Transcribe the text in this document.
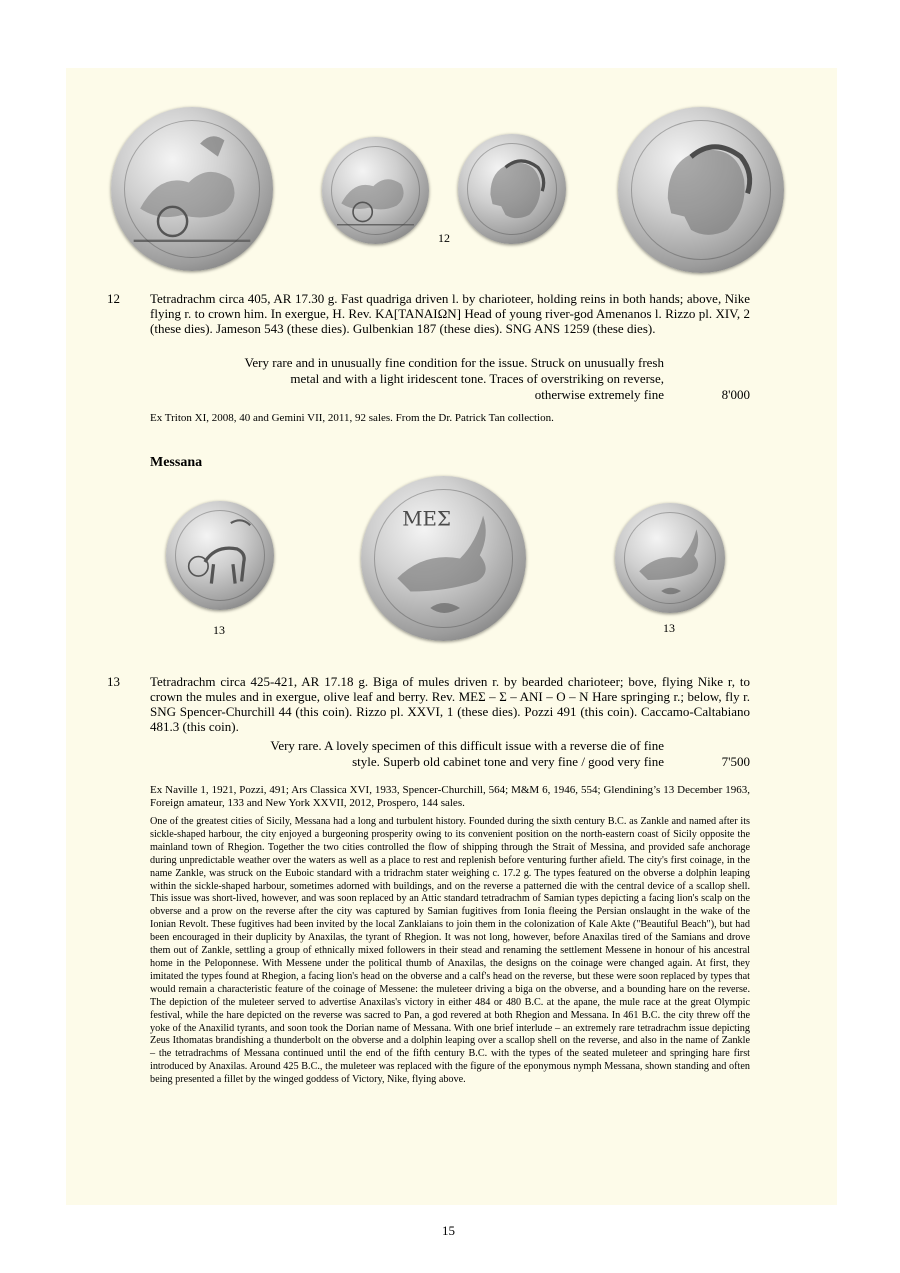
12
12 Tetradrachm circa 405, AR 17.30 g. Fast quadriga driven l. by charioteer, holding reins in both hands; above, Nike flying r. to crown him. In exergue, H. Rev. ΚΑ[ΤΑΝΑΙΩΝ] Head of young river-god Amenanos l. Rizzo pl. XIV, 2 (these dies). Jameson 543 (these dies). Gulbenkian 187 (these dies). SNG ANS 1259 (these dies).
Very rare and in unusually fine condition for the issue. Struck on unusually fresh
metal and with a light iridescent tone. Traces of overstriking on reverse,
otherwise extremely fine	8'000
Ex Triton XI, 2008, 40 and Gemini VII, 2011, 92 sales. From the Dr. Patrick Tan collection.
Messana
ΜΕΣ
13	13
13 Tetradrachm circa 425-421, AR 17.18 g. Biga of mules driven r. by bearded charioteer; bove, flying Nike r, to crown the mules and in exergue, olive leaf and berry. Rev. ΜΕΣ – Σ – ΑΝΙ – Ο – Ν Hare springing r.; below, fly r. SNG Spencer-Churchill 44 (this coin). Rizzo pl. XXVI, 1 (these dies). Pozzi 491 (this coin). Caccamo-Caltabiano 481.3 (this coin).
Very rare. A lovely specimen of this difficult issue with a reverse die of fine
style. Superb old cabinet tone and very fine / good very fine	7'500
Ex Naville 1, 1921, Pozzi, 491; Ars Classica XVI, 1933, Spencer-Churchill, 564; M&M 6, 1946, 554; Glendining’s 13 December 1963, Foreign amateur, 133 and New York XXVII, 2012, Prospero, 144 sales.
One of the greatest cities of Sicily, Messana had a long and turbulent history. Founded during the sixth century B.C. as Zankle and named after its sickle-shaped harbour, the city enjoyed a burgeoning prosperity owing to its convenient position on the north-eastern coast of Sicily opposite the mainland town of Rhegion. Together the two cities controlled the flow of shipping through the Strait of Messina, and provided safe anchorage during unpredictable weather over the waters as well as a place to rest and replenish before venturing further afield. The city's first coinage, in the name Zankle, was struck on the Euboic standard with a tridrachm stater weighing c. 17.2 g. The types featured on the obverse a dolphin leaping within the sickle-shaped harbour, sometimes adorned with buildings, and on the reverse a patterned die with the central device of a scallop shell. This issue was short-lived, however, and was soon replaced by an Attic standard tetradrachm of Samian types depicting a facing lion's scalp on the obverse and a prow on the reverse after the city was captured by Samian fugitives from Ionia fleeing the Persian onslaught in the wake of the Ionian Revolt. These fugitives had been invited by the local Zanklaians to join them in the colonization of Kale Akte ("Beautiful Beach"), but had been encouraged in their duplicity by Anaxilas, the tyrant of Rhegion. It was not long, however, before Anaxilas tired of the Samians and drove them out of Zankle, settling a group of ethnically mixed followers in their stead and renaming the settlement Messene in honour of his ancestral home in the Peloponnese. With Messene under the political thumb of Anaxilas, the designs on the coinage were changed again. At first, they imitated the types found at Rhegion, a facing lion's head on the obverse and a calf's head on the reverse, but these were soon replaced by types that would remain a characteristic feature of the coinage of Messene: the muleteer driving a biga on the obverse, and a bounding hare on the reverse. The depiction of the muleteer served to advertise Anaxilas's victory in either 484 or 480 B.C. at the apane, the mule race at the great Olympic festival, while the hare depicted on the reverse was sacred to Pan, a god revered at both Rhegion and Messana. In 461 B.C. the city threw off the yoke of the Anaxilid tyrants, and soon took the Dorian name of Messana. With one brief interlude – an extremely rare tetradrachm issue depicting Zeus Ithomatas brandishing a thunderbolt on the obverse and a dolphin leaping over a scallop shell on the reverse, and also in the name of Zankle – the tetradrachms of Messana continued until the end of the fifth century B.C. with the types of the seated muleteer and springing hare first introduced by Anaxilas. Around 425 B.C., the muleteer was replaced with the figure of the eponymous nymph Messana, shown standing and often being presented a fillet by the winged goddess of Victory, Nike, flying above.
15
